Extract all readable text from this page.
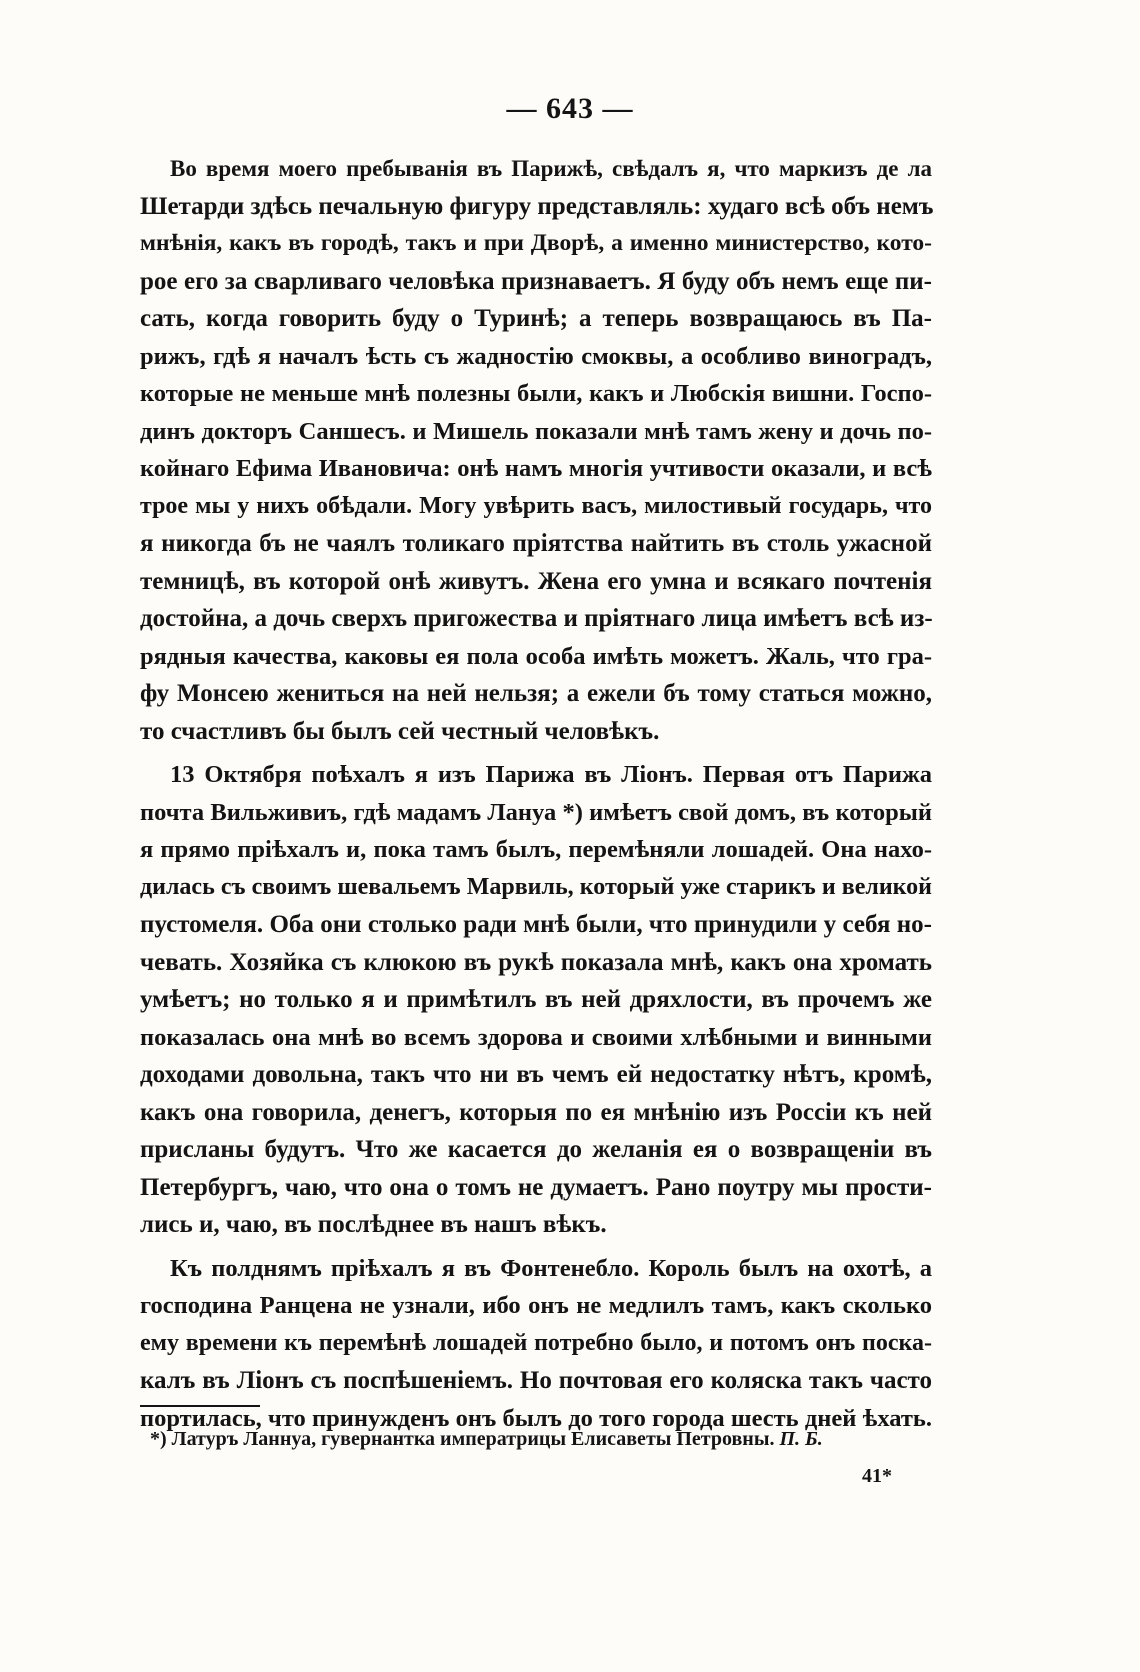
— 643 —
Во время моего пребыванія въ Парижѣ, свѣдалъ я, что маркизъ де ла
Шетарди здѣсь печальную фигуру представляль: худаго всѣ объ немъ
мнѣнія, какъ въ городѣ, такъ и при Дворѣ, а именно министерство, кото-
рое его за сварливаго человѣка признаваетъ. Я буду объ немъ еще пи-
сать, когда говорить буду о Туринѣ; а теперь возвращаюсь въ Па-
рижъ, гдѣ я началъ ѣсть съ жадностію смоквы, а особливо виноградъ,
которые не меньше мнѣ полезны были, какъ и Любскія вишни. Госпо-
динъ докторъ Саншесъ. и Мишель показали мнѣ тамъ жену и дочь по-
койнаго Ефима Ивановича: онѣ намъ многія учтивости оказали, и всѣ
трое мы у нихъ обѣдали. Могу увѣрить васъ, милостивый государь, что
я никогда бъ не чаялъ толикаго пріятства найтить въ столь ужасной
темницѣ, въ которой онѣ живутъ. Жена его умна и всякаго почтенія
достойна, а дочь сверхъ пригожества и пріятнаго лица имѣетъ всѣ из-
рядныя качества, каковы ея пола особа имѣть можетъ. Жаль, что гра-
фу Монсею жениться на ней нельзя; а ежели бъ тому статься можно,
то счастливъ бы былъ сей честный человѣкъ.
13 Октября поѣхалъ я изъ Парижа въ Ліонъ. Первая отъ Парижа
почта Вильживиъ, гдѣ мадамъ Лануа *) имѣетъ свой домъ, въ который
я прямо пріѣхалъ и, пока тамъ былъ, перемѣняли лошадей. Она нахо-
дилась съ своимъ шевальемъ Марвиль, который уже старикъ и великой
пустомеля. Оба они столько ради мнѣ были, что принудили у себя но-
чевать. Хозяйка съ клюкою въ рукѣ показала мнѣ, какъ она хромать
умѣетъ; но только я и примѣтилъ въ ней дряхлости, въ прочемъ же
показалась она мнѣ во всемъ здорова и своими хлѣбными и винными
доходами довольна, такъ что ни въ чемъ ей недостатку нѣтъ, кромѣ,
какъ она говорила, денегъ, которыя по ея мнѣнію изъ Россіи къ ней
присланы будутъ. Что же касается до желанія ея о возвращеніи въ
Петербургъ, чаю, что она о томъ не думаетъ. Рано поутру мы прости-
лись и, чаю, въ послѣднее въ нашъ вѣкъ.
Къ полднямъ пріѣхалъ я въ Фонтенебло. Король былъ на охотѣ, а
господина Ранцена не узнали, ибо онъ не медлилъ тамъ, какъ сколько
ему времени къ перемѣнѣ лошадей потребно было, и потомъ онъ поска-
калъ въ Ліонъ съ поспѣшеніемъ. Но почтовая его коляска такъ часто
портилась, что принужденъ онъ былъ до того города шесть дней ѣхать.
*) Латуръ Ланнуа, гувернантка императрицы Елисаветы Петровны. П. Б.
41*
